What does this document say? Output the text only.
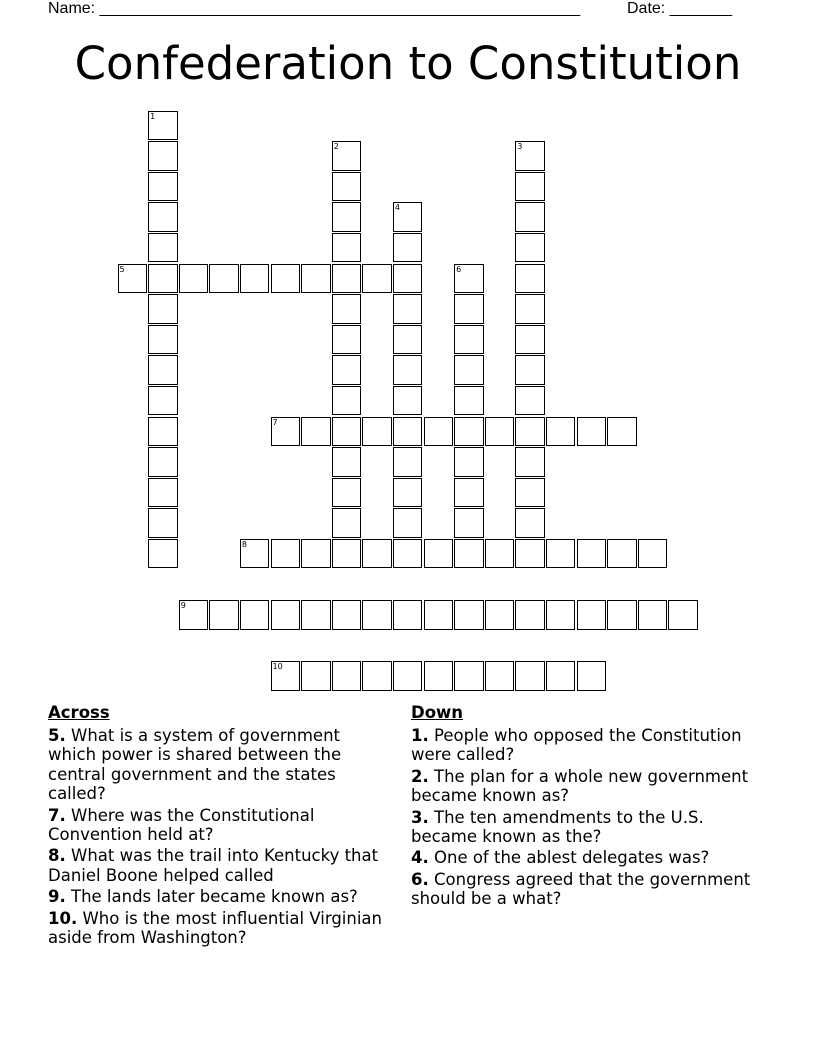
Name: ______________________________________________________	Date: _______
Confederation to Constitution
1
2	3
4
5	6
7
8
9
10
Across
5. What is a system of government which power is shared between the central government and the states called?
7. Where was the Constitutional Convention held at?
8. What was the trail into Kentucky that Daniel Boone helped called
9. The lands later became known as?
10. Who is the most influential Virginian aside from Washington?
Down
1. People who opposed the Constitution were called?
2. The plan for a whole new government became known as?
3. The ten amendments to the U.S. became known as the?
4. One of the ablest delegates was?
6. Congress agreed that the government should be a what?
